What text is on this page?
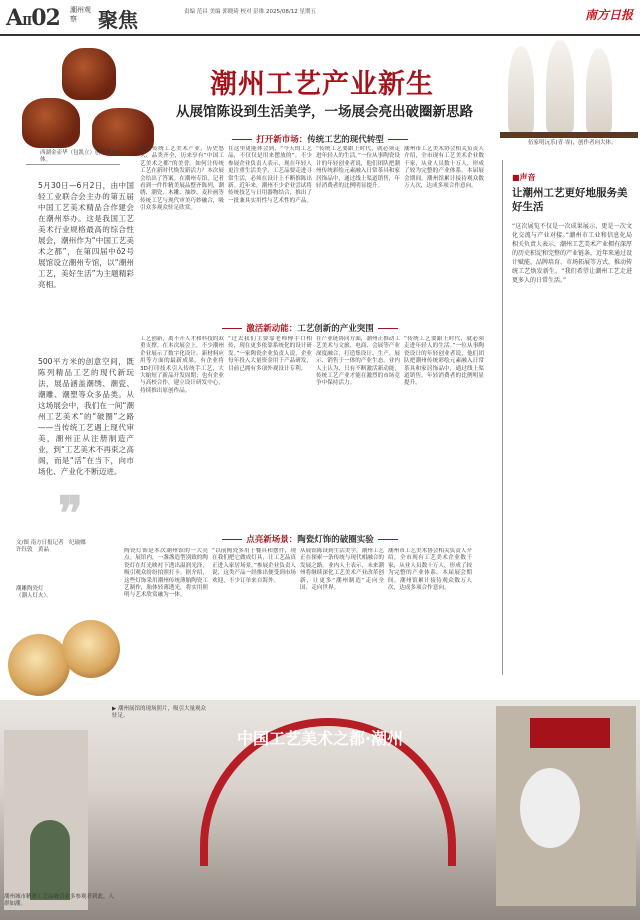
AⅡ02 潮州观察	聚焦	责编 范昌 美编 郭晓琦 校对 彭维 2025/08/12 星期五	南方日报
西湖金壶华（包凯立）创作者向大体。
伍家明沅乐(青·霏)，创作者向大体。
潮州工艺产业新生
从展馆陈设到生活美学，一场展会亮出破圈新思路
5月30日—6月2日，由中国轻工业联合会主办的第五届中国工艺美术精品合作建会在潮州举办。这是我国工艺美术行业规格最高的综合性展会，潮州作为“中国工艺美术之都”，在第四届中ǒ2号展馆设立潮州专馆，以“潮州工艺，美好生活”为主题精彩亮相。
500平方米的创意空间，既陈列精品工艺的现代新玩法，展品涵盖潮绣、潮瓷、潮雕、潮塑等众多品类。从这场展会中，我们在一间“潮州工艺美术”的“破圈”之路——当传统工艺遇上现代审美，潮州正从注册制造产业，到“工艺美术不再束之高阁，而是“活”在当下，向市场化、产业化不断迈进。
文/图 南方日报记者　纪瑜娜
许钰敦　黄晶
❞
打开新市场：传统工艺的现代转型
潮州传统工艺美术产业，历史悠久、品类齐全，历来享有“中国工艺美术之都”的美誉。如何让传统工艺在新时代焕发新活力？本次展会给出了答案。在潮州专馆，记者看到一件件精美展品整齐陈列，潮绣、潮瓷、木雕、抽纱、麦秆画等传统工艺与现代审美巧妙融合，吸引众多观众驻足欣赏。
在这里更能体会到，“今天的工艺品，不仅仅是用来摆放的”。不少参展企业负责人表示，现在年轻人更注重生活美学，工艺品要走进寻常生活，必须在设计上不断推陈出新。近年来，潮州不少企业尝试将传统技艺与日用器物结合，推出了一批兼具实用性与艺术性的产品。
“传统工艺要跟上时代，就必须走进年轻人的生活。”一位从事陶瓷设计的年轻创业者说，他们团队把潮州传统彩绘元素融入日常茶具和家居饰品中，通过线上渠道销售，年轻消费者的比例明显提升。
潮州市工艺美术协会相关负责人介绍，全市现有工艺美术企业数千家，从业人员数十万人，形成了较为完整的产业体系。本届展会期间，潮州馆累计接待观众数万人次，达成多项合作意向。
激活新动能：工艺创新的产业突围
工艺创新，离不开人才和科技的双重支撑。在本次展会上，不少潮州企业展示了数字化设计、新材料应用等方面的最新成果。有企业将3D打印技术引入传统手工艺，大大缩短了新品开发周期；也有企业与高校合作，建立设计研发中心，持续推出原创作品。
“过去我们主要靠老师傅手口相传，现在更多依靠系统化的设计研发。”一家陶瓷企业负责人说，企业每年投入大量资金用于产品研发，目前已拥有多项外观设计专利。
在产业链协同方面，潮州正推动工艺美术与文旅、电商、会展等产业深度融合，打造集设计、生产、展示、销售于一体的产业生态。业内人士认为，只有不断激活新动能，传统工艺产业才能在激烈的市场竞争中保持活力。
“传统工艺要跟上时代，就必须走进年轻人的生活。”一位从事陶瓷设计的年轻创业者说，他们团队把潮州传统彩绘元素融入日常茶具和家居饰品中，通过线上渠道销售，年轻消费者的比例明显提升。
点亮新场景：陶瓷灯饰的破圈实验
陶瓷灯饰是本次潮州馆的一大亮点。展馆内，一盏盏造型别致的陶瓷灯在灯光映衬下透出温润光泽，吸引观众纷纷拍照打卡。据介绍，这些灯饰采用潮州传统薄胎陶瓷工艺制作，胎体轻薄透光，将实用照明与艺术欣赏融为一体。
“以前陶瓷多用于餐具和摆件，现在我们把它做成灯具，让工艺品真正进入家居场景。”参展企业负责人说，这类产品一经推出便受到市场欢迎，不少订单来自海外。
从展馆陈设到生活美学，潮州工艺正在探索一条传统与现代相融合的发展之路。业内人士表示，未来潮州将继续深化工艺美术产业改革创新，让更多“潮州制造”走向全国、走向世界。
潮州市工艺美术协会相关负责人介绍，全市现有工艺美术企业数千家，从业人员数十万人，形成了较为完整的产业体系。本届展会期间，潮州馆累计接待观众数万人次，达成多项合作意向。
潮雕陶瓷灯
（潮人灯火）。
■声音
让潮州工艺更好地服务美好生活
“这次展览不仅是一次成果展示，更是一次文化交流与产业对接。”潮州市工业和信息化局相关负责人表示，潮州工艺美术产业拥有深厚的历史积淀和完整的产业链条，近年来通过设计赋能、品牌培育、市场拓展等方式，推动传统工艺焕发新生。“我们希望让潮州工艺走进更多人的日常生活。”
中国工艺美术之都·潮州
▶ 潮州展馆的现场照片，吸引大量观众驻足。
潮州城市精彩工艺品吸引众多参观者到此，人群如潮。
